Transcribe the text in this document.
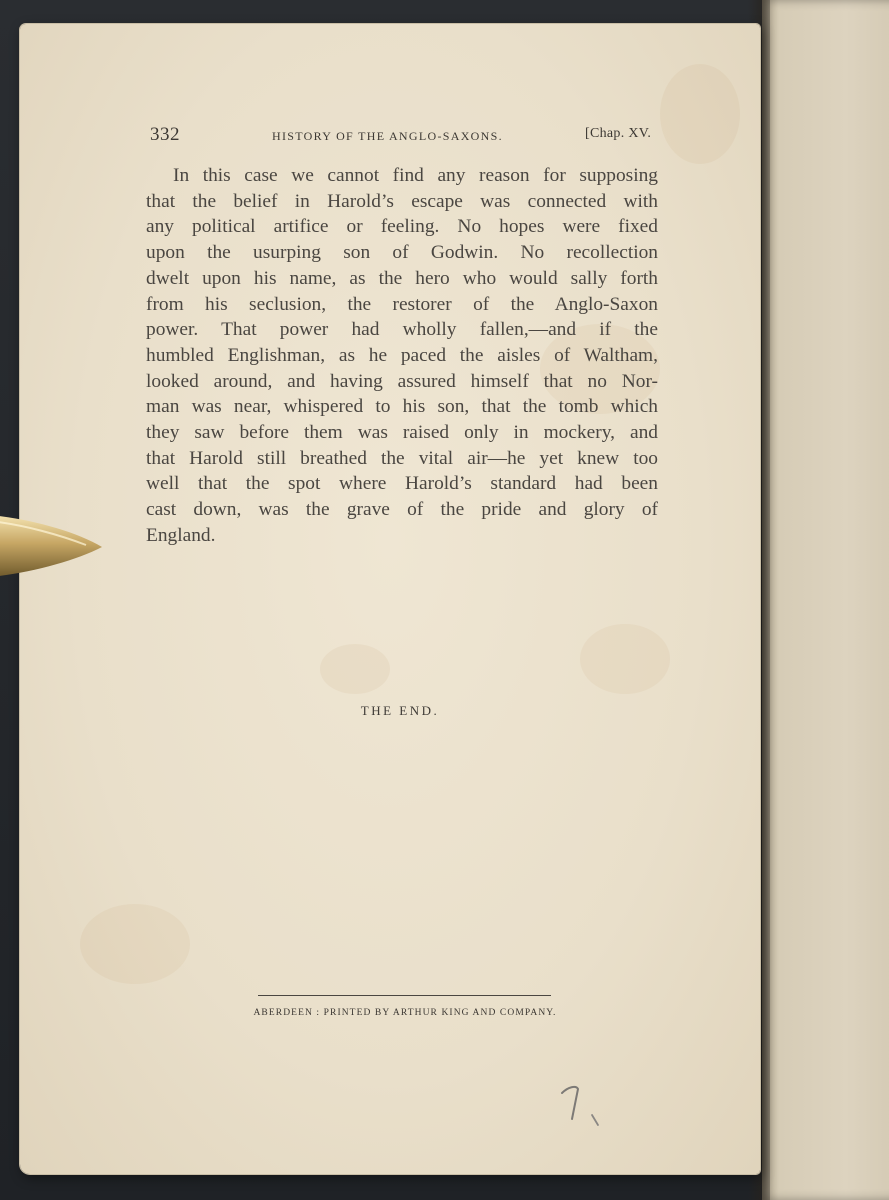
332	HISTORY OF THE ANGLO-SAXONS.	[Chap. XV.
In this case we cannot find any reason for supposing
that the belief in Harold’s escape was connected with
any political artifice or feeling. No hopes were fixed
upon the usurping son of Godwin. No recollection
dwelt upon his name, as the hero who would sally forth
from his seclusion, the restorer of the Anglo-Saxon
power. That power had wholly fallen,—and if the
humbled Englishman, as he paced the aisles of Waltham,
looked around, and having assured himself that no Nor-
man was near, whispered to his son, that the tomb which
they saw before them was raised only in mockery, and
that Harold still breathed the vital air—he yet knew too
well that the spot where Harold’s standard had been
cast down, was the grave of the pride and glory of
England.
THE END.
ABERDEEN : PRINTED BY ARTHUR KING AND COMPANY.
